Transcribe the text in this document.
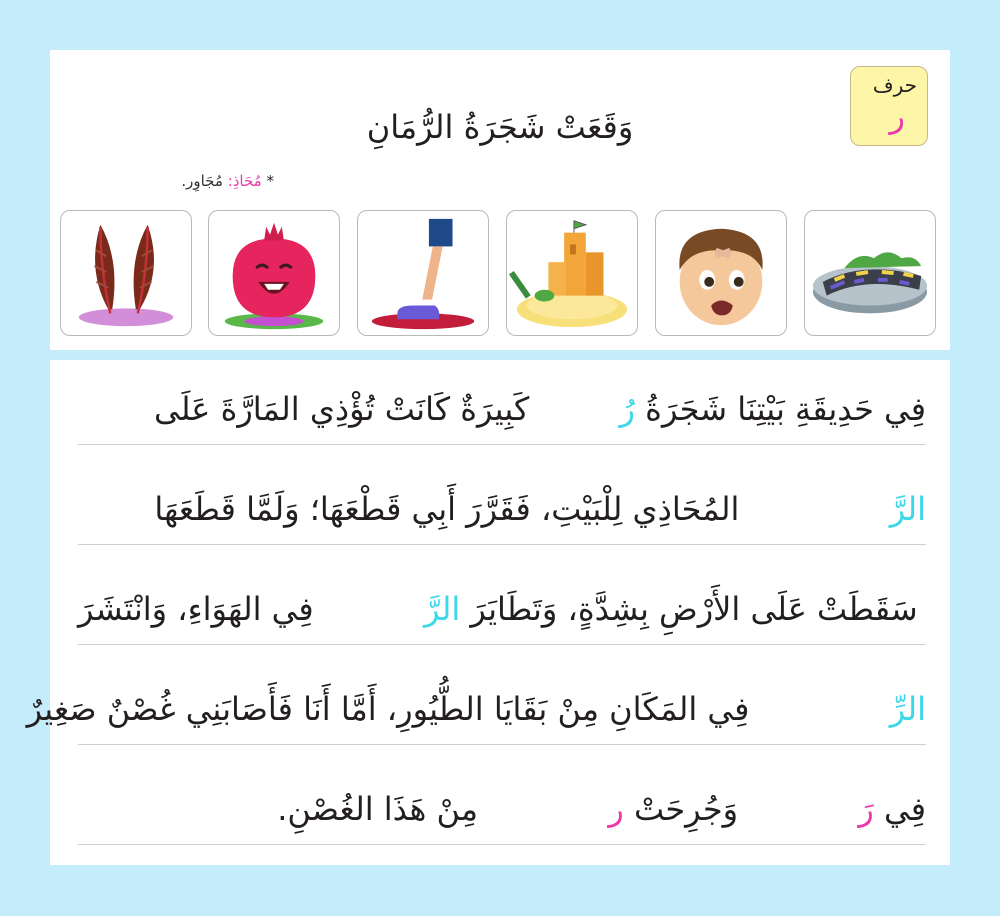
حرف
ر
وَقَعَتْ شَجَرَةُ الرُّمَانِ
* مُحَاذِ: مُجَاوِر.
فِي حَدِيقَةِ بَيْتِنَا شَجَرَةُ رُ  كَبِيرَةٌ كَانَتْ تُؤْذِي المَارَّةَ عَلَى
الرَّ  المُحَاذِي لِلْبَيْتِ، فَقَرَّرَ أَبِي قَطْعَهَا؛ وَلَمَّا قَطَعَهَا
سَقَطَتْ عَلَى الأَرْضِ بِشِدَّةٍ، وَتَطَايَرَ الرَّ  فِي الهَوَاءِ، وَانْتَشَرَ
الرِّ  فِي المَكَانِ مِنْ بَقَايَا الطُّيُورِ، أَمَّا أَنَا فَأَصَابَنِي غُصْنٌ صَغِيرٌ
فِي رَ  وَجُرِحَتْ ر  مِنْ هَذَا الغُصْنِ.
